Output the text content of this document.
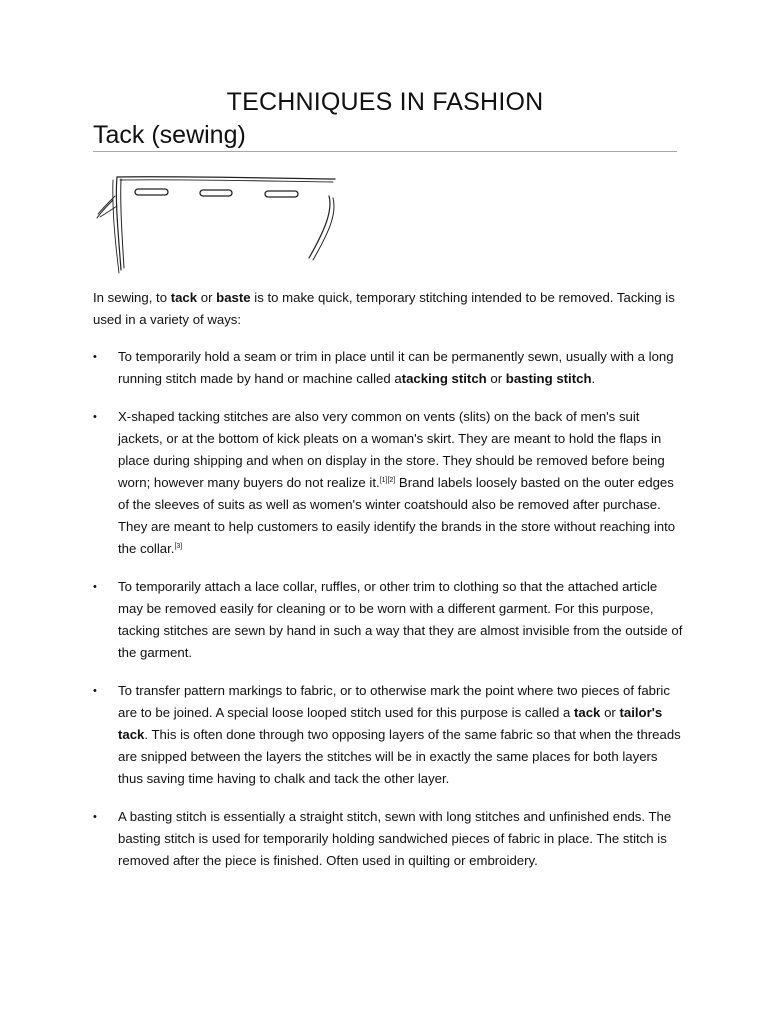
TECHNIQUES IN FASHION
Tack (sewing)

In sewing, to tack or baste is to make quick, temporary stitching intended to be removed. Tacking is used in a variety of ways:

• To temporarily hold a seam or trim in place until it can be permanently sewn, usually with a long running stitch made by hand or machine called atacking stitch or basting stitch.
• X-shaped tacking stitches are also very common on vents (slits) on the back of men's suit jackets, or at the bottom of kick pleats on a woman's skirt. They are meant to hold the flaps in place during shipping and when on display in the store. They should be removed before being worn; however many buyers do not realize it.[1][2] Brand labels loosely basted on the outer edges of the sleeves of suits as well as women's winter coatshould also be removed after purchase. They are meant to help customers to easily identify the brands in the store without reaching into the collar.[3]
• To temporarily attach a lace collar, ruffles, or other trim to clothing so that the attached article may be removed easily for cleaning or to be worn with a different garment. For this purpose, tacking stitches are sewn by hand in such a way that they are almost invisible from the outside of the garment.
• To transfer pattern markings to fabric, or to otherwise mark the point where two pieces of fabric are to be joined. A special loose looped stitch used for this purpose is called a tack or tailor's tack. This is often done through two opposing layers of the same fabric so that when the threads are snipped between the layers the stitches will be in exactly the same places for both layers thus saving time having to chalk and tack the other layer.
• A basting stitch is essentially a straight stitch, sewn with long stitches and unfinished ends. The basting stitch is used for temporarily holding sandwiched pieces of fabric in place. The stitch is removed after the piece is finished. Often used in quilting or embroidery.
